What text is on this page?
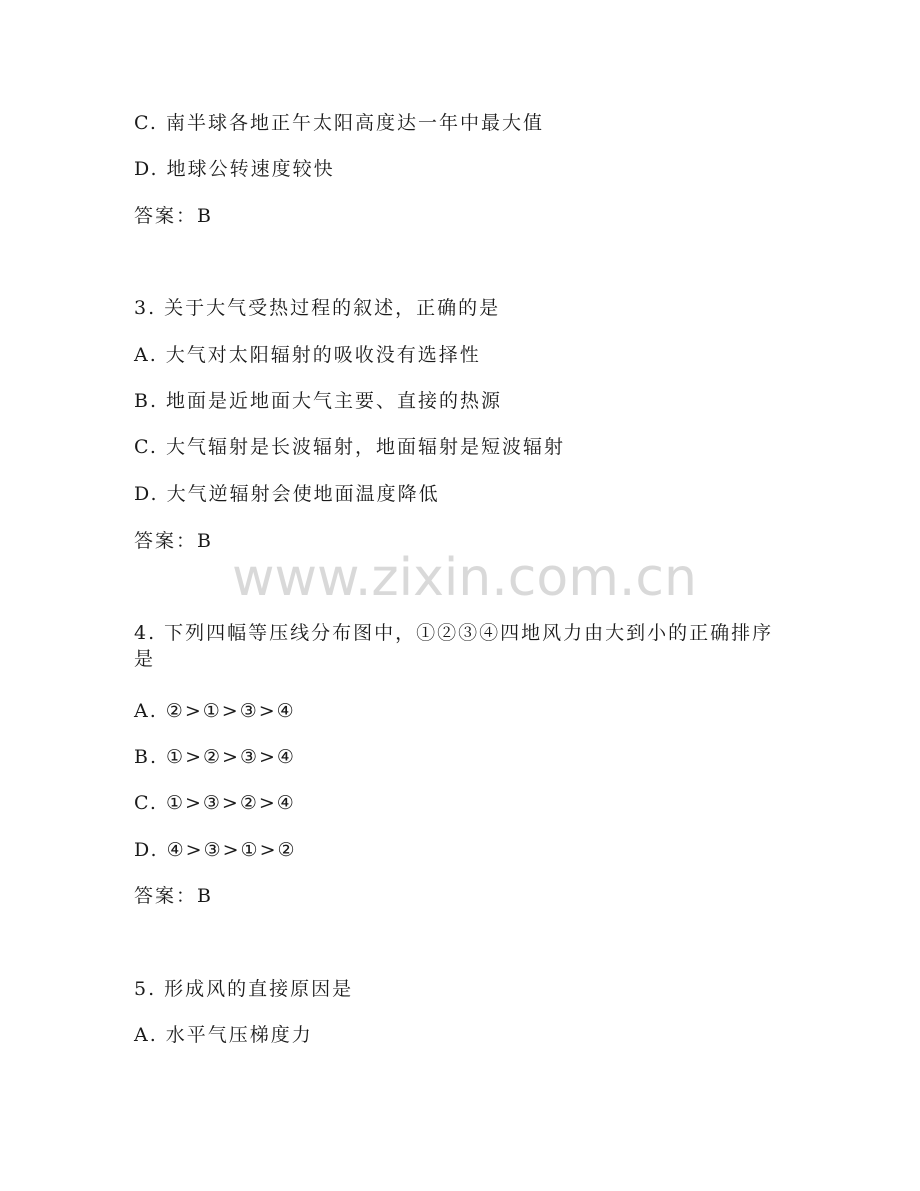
www.zixin.com.cn
C. 南半球各地正午太阳高度达一年中最大值
D. 地球公转速度较快
答案：B
3. 关于大气受热过程的叙述，正确的是
A. 大气对太阳辐射的吸收没有选择性
B. 地面是近地面大气主要、直接的热源
C. 大气辐射是长波辐射，地面辐射是短波辐射
D. 大气逆辐射会使地面温度降低
答案：B
4. 下列四幅等压线分布图中，①②③④四地风力由大到小的正确排序是
A. ②>①>③>④
B. ①>②>③>④
C. ①>③>②>④
D. ④>③>①>②
答案：B
5. 形成风的直接原因是
A. 水平气压梯度力
